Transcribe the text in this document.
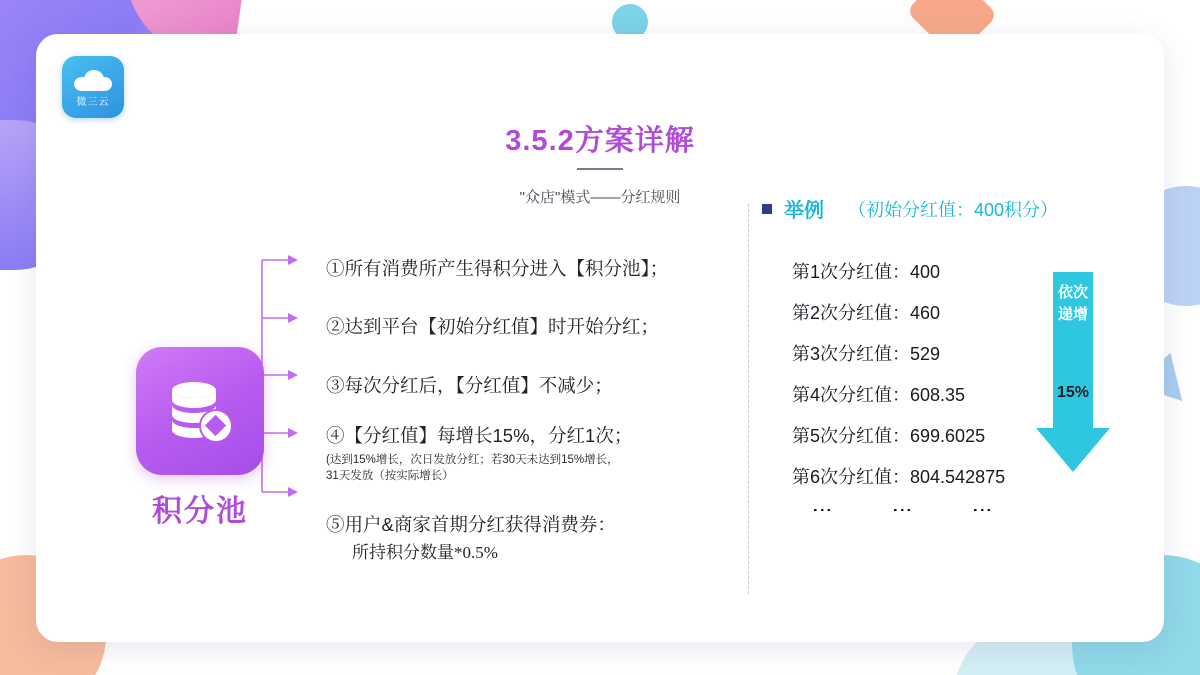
微三云
3.5.2方案详解
"众店"模式——分红规则
积分池
①所有消费所产生得积分进入【积分池】；
②达到平台【初始分红值】时开始分红；
③每次分红后，【分红值】不减少；
④【分红值】每增长15%，分红1次；
(达到15%增长，次日发放分红；若30天未达到15%增长，
31天发放（按实际增长）
⑤用户&商家首期分红获得消费券：
所持积分数量*0.5%
举例 （初始分红值：400积分）
第1次分红值：400
第2次分红值：460
第3次分红值：529
第4次分红值：608.35
第5次分红值：699.6025
第6次分红值：804.542875
⋮	⋮	⋮
依次递增
15%
